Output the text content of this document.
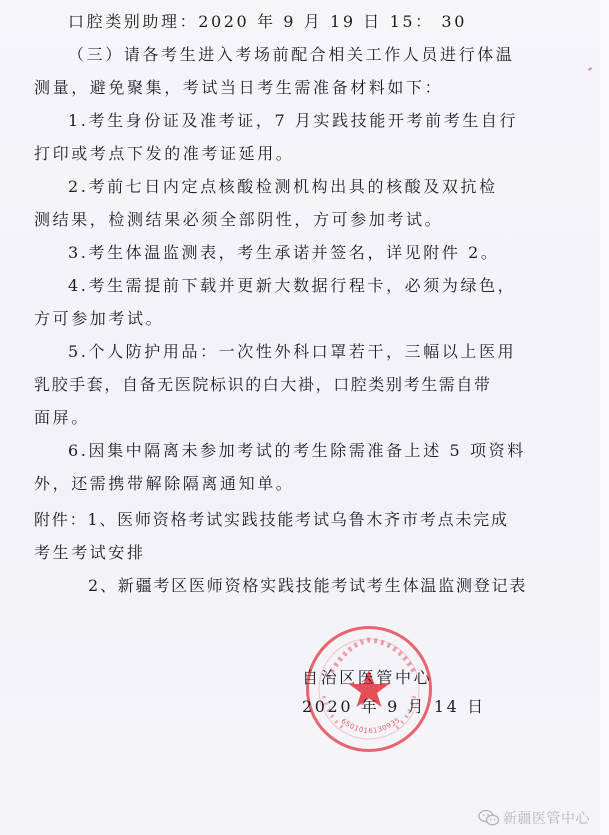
口腔类别助理：2020 年 9 月 19 日 15： 30
（三）请各考生进入考场前配合相关工作人员进行体温
测量，避免聚集，考试当日考生需准备材料如下：
1.考生身份证及准考证，7 月实践技能开考前考生自行
打印或考点下发的准考证延用。
2.考前七日内定点核酸检测机构出具的核酸及双抗检
测结果，检测结果必须全部阴性，方可参加考试。
3.考生体温监测表，考生承诺并签名，详见附件 2。
4.考生需提前下载并更新大数据行程卡，必须为绿色，
方可参加考试。
5.个人防护用品：一次性外科口罩若干，三幅以上医用
乳胶手套，自备无医院标识的白大褂，口腔类别考生需自带
面屏。
6.因集中隔离未参加考试的考生除需准备上述 5 项资料
外，还需携带解除隔离通知单。
附件：1、医师资格考试实践技能考试乌鲁木齐市考点未完成
考生考试安排
2、新疆考区医师资格实践技能考试考生体温监测登记表
6501016130935
自治区医管中心
2020 年 9 月 14 日
新疆医管中心
